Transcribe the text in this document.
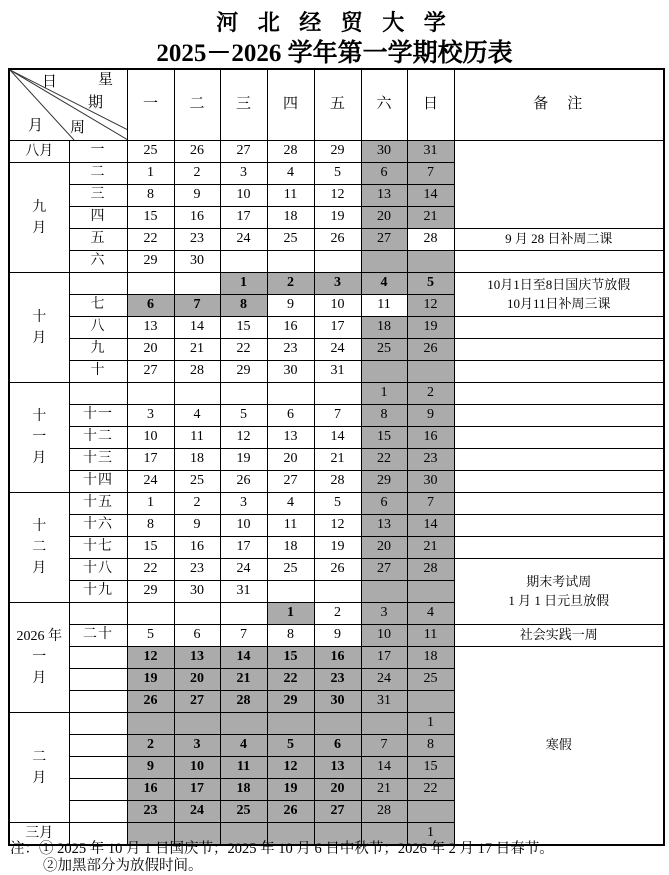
河 北 经 贸 大 学
2025－2026 学年第一学期校历表
日 星
期
月 周		一	二	三	四	五	六	日	备　注

八月	一	25	26	27	28	29	30	31	

九
月	二	1	2	3	4	5	6	7	
	三	8	9	10	11	12	13	14	
	四	15	16	17	18	19	20	21	
	五	22	23	24	25	26	27	28	9 月 28 日补周二课

	六	29	30						

十
月
				1	2	3	4	5	10月1日至8日国庆节放假
10月11日补周三课

	七	6	7	8	9	10	11	12	
	八	13	14	15	16	17	18	19	
	九	20	21	22	23	24	25	26	
	十	27	28	29	30	31			

十
一
月							1	2	
	十一	3	4	5	6	7	8	9	
	十二	10	11	12	13	14	15	16	
	十三	17	18	19	20	21	22	23	
	十四	24	25	26	27	28	29	30	

十
二
月	十五	1	2	3	4	5	6	7	
	十六	8	9	10	11	12	13	14	
	十七	15	16	17	18	19	20	21	
	十八	22	23	24	25	26	27	28	期末考试周
1 月 1 日元旦放假

	十九	29	30	31					

2026 年
一
月					1	2	3	4	
	二十	5	6	7	8	9	10	11	社会实践一周

		12	13	14	15	16	17	18	寒假

		19	20	21	22	23	24	25	
		26	27	28	29	30	31		

二
月								1	
		2	3	4	5	6	7	8	
		9	10	11	12	13	14	15	
		16	17	18	19	20	21	22	
		23	24	25	26	27	28		

三月								1	
注：① 2025 年 10 月 1 日国庆节；2025 年 10 月 6 日中秋节；2026 年 2 月 17 日春节。
②加黑部分为放假时间。
